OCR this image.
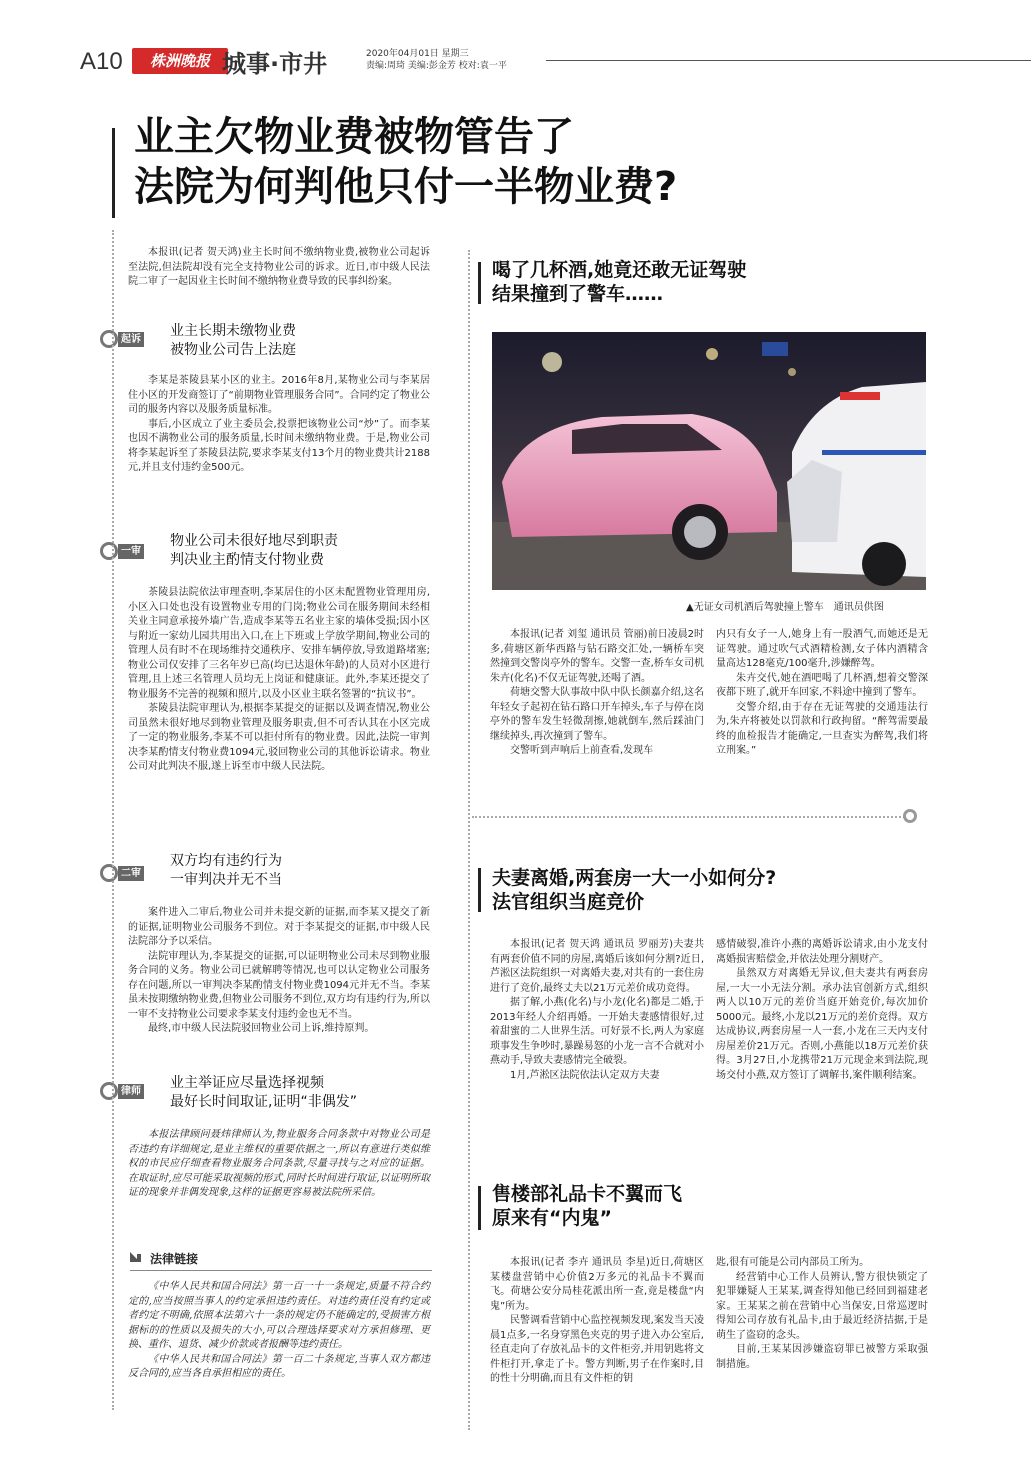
A10	株洲晚报 城事·市井	2020年04月01日 星期三
责编:周琦 美编:彭金芳 校对:袁一平
业主欠物业费被物管告了
法院为何判他只付一半物业费?

本报讯(记者 贺天鸿)业主长时间不缴纳物业费,被物业公司起诉至法院,但法院却没有完全支持物业公司的诉求。近日,市中级人民法院二审了一起因业主长时间不缴纳物业费导致的民事纠纷案。

起诉
业主长期未缴物业费
被物业公司告上法庭

李某是茶陵县某小区的业主。2016年8月,某物业公司与李某居住小区的开发商签订了“前期物业管理服务合同”。合同约定了物业公司的服务内容以及服务质量标准。

事后,小区成立了业主委员会,投票把该物业公司“炒”了。而李某也因不满物业公司的服务质量,长时间未缴纳物业费。于是,物业公司将李某起诉至了茶陵县法院,要求李某支付13个月的物业费共计2188元,并且支付违约金500元。

一审
物业公司未很好地尽到职责
判决业主酌情支付物业费

茶陵县法院依法审理查明,李某居住的小区未配置物业管理用房,小区入口处也没有设置物业专用的门岗;物业公司在服务期间未经相关业主同意承接外墙广告,造成李某等五名业主家的墙体受损;因小区与附近一家幼儿园共用出入口,在上下班或上学放学期间,物业公司的管理人员有时不在现场维持交通秩序、安排车辆停放,导致道路堵塞;物业公司仅安排了三名年岁已高(均已达退休年龄)的人员对小区进行管理,且上述三名管理人员均无上岗证和健康证。此外,李某还提交了物业服务不完善的视频和照片,以及小区业主联名签署的“抗议书”。

茶陵县法院审理认为,根据李某提交的证据以及调查情况,物业公司虽然未很好地尽到物业管理及服务职责,但不可否认其在小区完成了一定的物业服务,李某不可以拒付所有的物业费。因此,法院一审判决李某酌情支付物业费1094元,驳回物业公司的其他诉讼请求。物业公司对此判决不服,遂上诉至市中级人民法院。

二审
双方均有违约行为
一审判决并无不当

案件进入二审后,物业公司并未提交新的证据,而李某又提交了新的证据,证明物业公司服务不到位。对于李某提交的证据,市中级人民法院部分予以采信。

法院审理认为,李某提交的证据,可以证明物业公司未尽到物业服务合同的义务。物业公司已就解聘等情况,也可以认定物业公司服务存在问题,所以一审判决李某酌情支付物业费1094元并无不当。李某虽未按期缴纳物业费,但物业公司服务不到位,双方均有违约行为,所以一审不支持物业公司要求李某支付违约金也无不当。

最终,市中级人民法院驳回物业公司上诉,维持原判。

律师
业主举证应尽量选择视频
最好长时间取证,证明“非偶发”

本报法律顾问聂炜律师认为,物业服务合同条款中对物业公司是否违约有详细规定,是业主维权的重要依据之一,所以有意进行类似维权的市民应仔细查看物业服务合同条款,尽量寻找与之对应的证据。在取证时,应尽可能采取视频的形式,同时长时间进行取证,以证明所取证的现象并非偶发现象,这样的证据更容易被法院所采信。

法律链接

《中华人民共和国合同法》第一百一十一条规定,质量不符合约定的,应当按照当事人的约定承担违约责任。对违约责任没有约定或者约定不明确,依照本法第六十一条的规定仍不能确定的,受损害方根据标的的性质以及损失的大小,可以合理选择要求对方承担修理、更换、重作、退货、减少价款或者报酬等违约责任。

《中华人民共和国合同法》第一百二十条规定,当事人双方都违反合同的,应当各自承担相应的责任。

喝了几杯酒,她竟还敢无证驾驶
结果撞到了警车……
▲无证女司机酒后驾驶撞上警车　通讯员供图

本报讯(记者 刘玺 通讯员 管丽)前日凌晨2时多,荷塘区新华西路与钻石路交汇处,一辆桥车突然撞到交警岗亭外的警车。交警一查,桥车女司机朱卉(化名)不仅无证驾驶,还喝了酒。

荷塘交警大队事故中队中队长颜嘉介绍,这名年轻女子起初在钻石路口开车掉头,车子与停在岗亭外的警车发生轻微刮擦,她就倒车,然后踩油门继续掉头,再次撞到了警车。

交警听到声响后上前查看,发现车

内只有女子一人,她身上有一股酒气,而她还是无证驾驶。通过吹气式酒精检测,女子体内酒精含量高达128毫克/100毫升,涉嫌醉驾。

朱卉交代,她在酒吧喝了几杯酒,想着交警深夜都下班了,就开车回家,不料途中撞到了警车。

交警介绍,由于存在无证驾驶的交通违法行为,朱卉将被处以罚款和行政拘留。“醉驾需要最终的血检报告才能确定,一旦查实为醉驾,我们将立刑案。”

夫妻离婚,两套房一大一小如何分?
法官组织当庭竞价

本报讯(记者 贺天鸿 通讯员 罗丽芳)夫妻共有两套价值不同的房屋,离婚后该如何分割?近日,芦淞区法院组织一对离婚夫妻,对共有的一套住房进行了竞价,最终丈夫以21万元差价成功竞得。

据了解,小燕(化名)与小龙(化名)都是二婚,于2013年经人介绍再婚。一开始夫妻感情很好,过着甜蜜的二人世界生活。可好景不长,两人为家庭琐事发生争吵时,暴躁易怒的小龙一言不合就对小燕动手,导致夫妻感情完全破裂。

1月,芦淞区法院依法认定双方夫妻

感情破裂,准许小燕的离婚诉讼请求,由小龙支付离婚损害赔偿金,并依法处理分割财产。

虽然双方对离婚无异议,但夫妻共有两套房屋,一大一小无法分割。承办法官创新方式,组织两人以10万元的差价当庭开始竞价,每次加价5000元。最终,小龙以21万元的差价竞得。双方达成协议,两套房屋一人一套,小龙在三天内支付房屋差价21万元。否则,小燕能以18万元差价获得。3月27日,小龙携带21万元现金来到法院,现场交付小燕,双方签订了调解书,案件顺利结案。

售楼部礼品卡不翼而飞
原来有“内鬼”

本报讯(记者 李卉 通讯员 李星)近日,荷塘区某楼盘营销中心价值2万多元的礼品卡不翼而飞。荷塘公安分局桂花派出所一查,竟是楼盘“内鬼”所为。

民警调看营销中心监控视频发现,案发当天凌晨1点多,一名身穿黑色夹克的男子进入办公室后,径直走向了存放礼品卡的文件柜旁,并用钥匙将文件柜打开,拿走了卡。警方判断,男子在作案时,目的性十分明确,而且有文件柜的钥

匙,很有可能是公司内部员工所为。

经营销中心工作人员辨认,警方很快锁定了犯罪嫌疑人王某某,调查得知他已经回到福建老家。王某某之前在营销中心当保安,日常巡逻时得知公司存放有礼品卡,由于最近经济拮据,于是萌生了盗窃的念头。

目前,王某某因涉嫌盗窃罪已被警方采取强制措施。
